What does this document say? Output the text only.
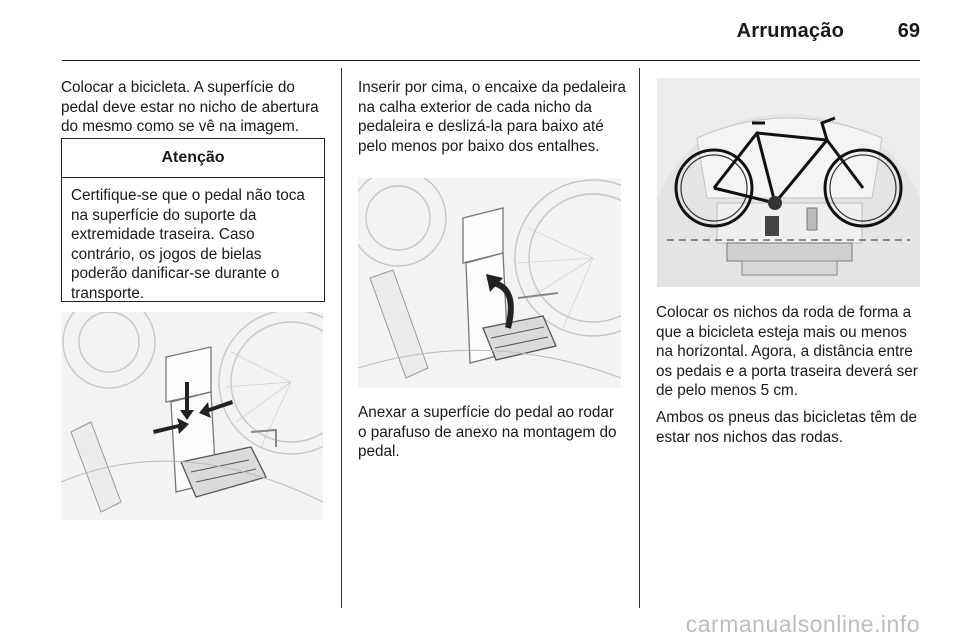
Arrumação	69

Colocar a bicicleta. A superfície do pedal deve estar no nicho de abertura do mesmo como se vê na imagem.

Atenção
Certifique-se que o pedal não toca na superfície do suporte da extremidade traseira. Caso contrário, os jogos de bielas poderão danificar-se durante o transporte.

Inserir por cima, o encaixe da pedaleira na calha exterior de cada nicho da pedaleira e deslizá-la para baixo até pelo menos por baixo dos entalhes.

Anexar a superfície do pedal ao rodar o parafuso de anexo na montagem do pedal.

Colocar os nichos da roda de forma a que a bicicleta esteja mais ou menos na horizontal. Agora, a distância entre os pedais e a porta traseira deverá ser de pelo menos 5 cm.

Ambos os pneus das bicicletas têm de estar nos nichos das rodas.

carmanualsonline.info
